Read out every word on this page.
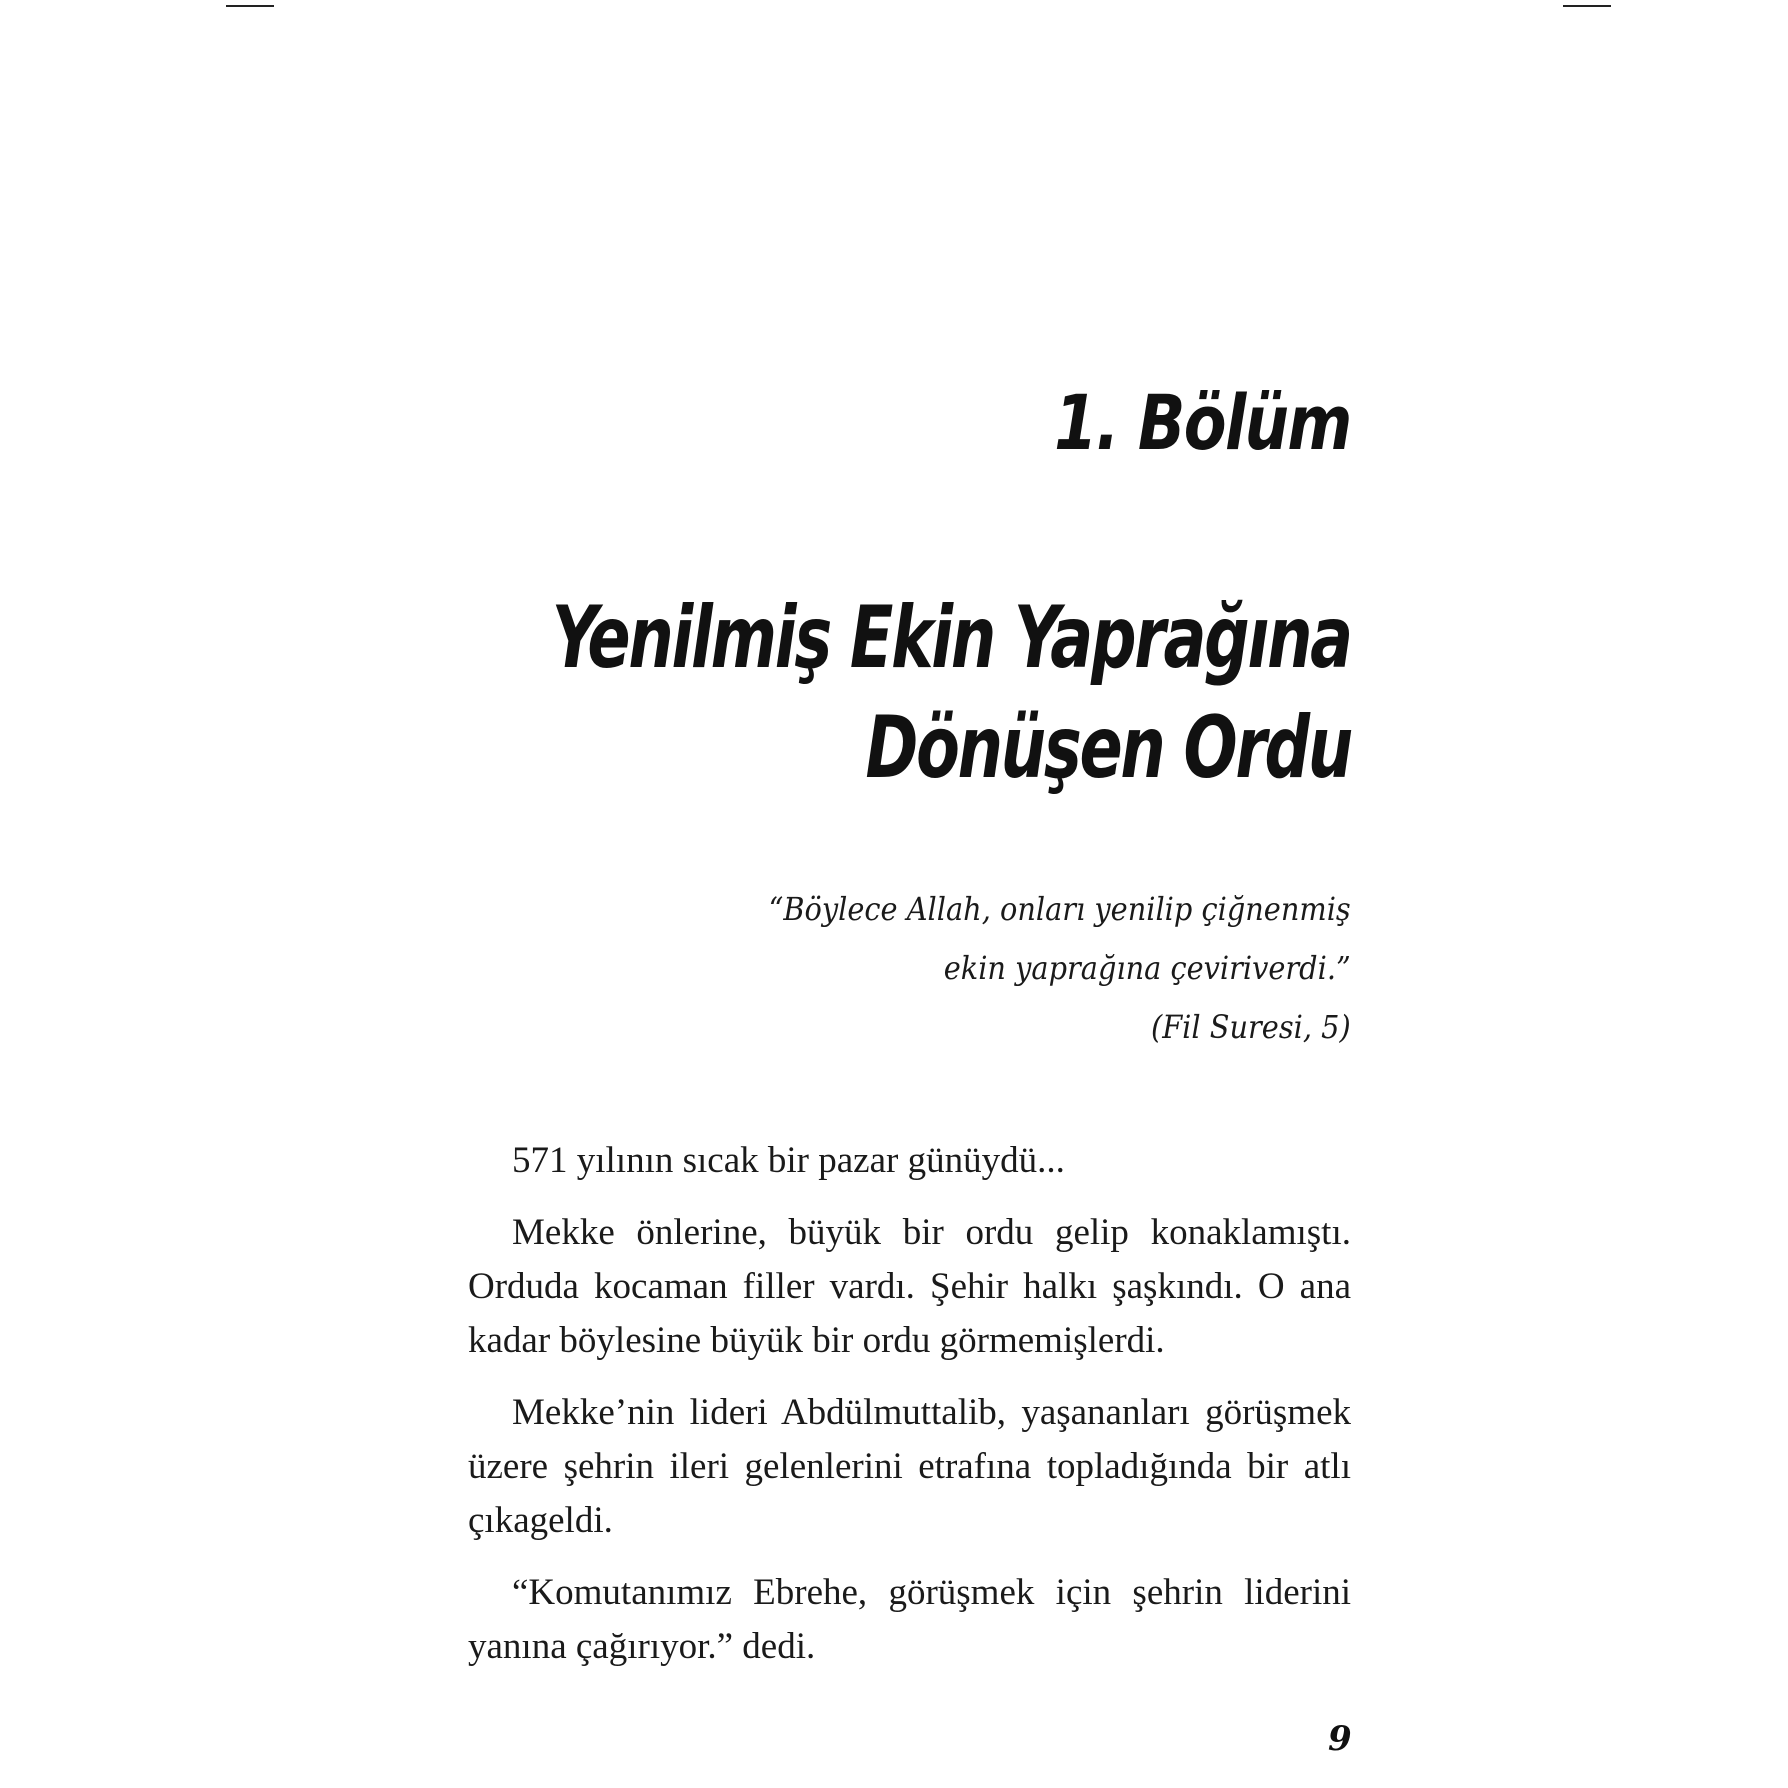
1. Bölüm
Yenilmiş Ekin Yaprağına
Dönüşen Ordu
“Böylece Allah, onları yenilip çiğnenmiş
ekin yaprağına çeviriverdi.”
(Fil Suresi, 5)

571 yılının sıcak bir pazar günüydü...

Mekke önlerine, büyük bir ordu gelip konaklamıştı. Orduda kocaman filler vardı. Şehir halkı şaşkındı. O ana kadar böylesine büyük bir ordu görmemişlerdi.

Mekke’nin lideri Abdülmuttalib, yaşananları görüşmek üzere şehrin ileri gelenlerini etrafına topladığında bir atlı çıkageldi.

“Komutanımız Ebrehe, görüşmek için şehrin liderini yanına çağırıyor.” dedi.

9
